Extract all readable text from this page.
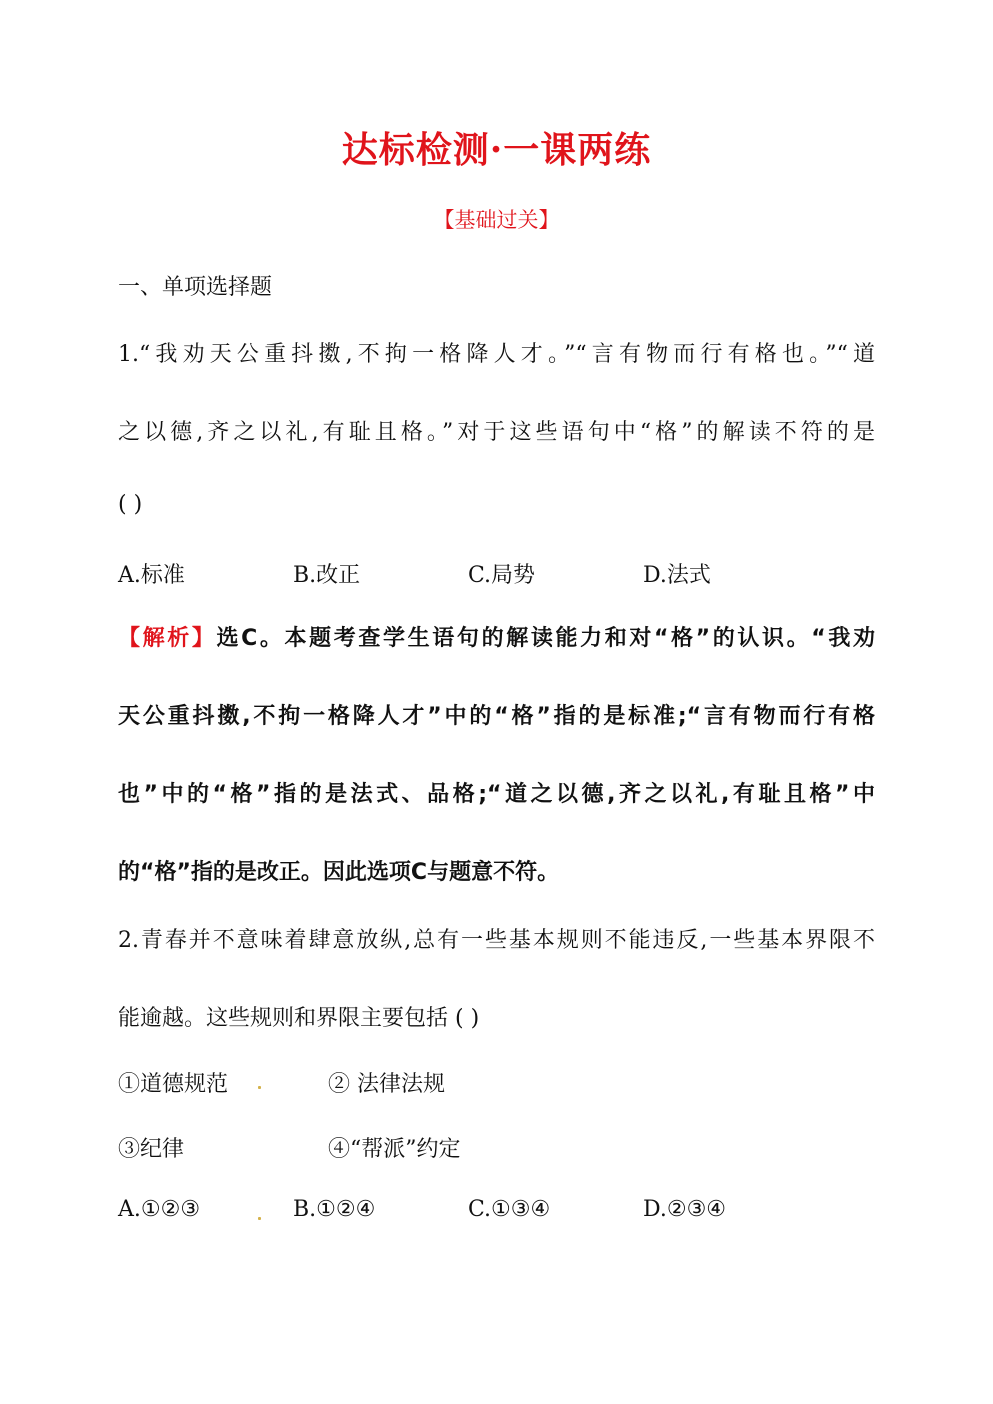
达标检测·一课两练
【基础过关】
一、单项选择题
1.“我劝天公重抖擞,不拘一格降人才。”“言有物而行有格也。”“道
之以德,齐之以礼,有耻且格。”对于这些语句中“格”的解读不符的是
( )
A.标准	B.改正	C.局势	D.法式
【解析】选C。本题考查学生语句的解读能力和对“格”的认识。“我劝
天公重抖擞,不拘一格降人才”中的“格”指的是标准;“言有物而行有格
也”中的“格”指的是法式、品格;“道之以德,齐之以礼,有耻且格”中
的“格”指的是改正。因此选项C与题意不符。
2.青春并不意味着肆意放纵,总有一些基本规则不能违反,一些基本界限不
能逾越。这些规则和界限主要包括 ( )
①道德规范	② 法律法规
③纪律	④“帮派”约定
A.①②③	B.①②④	C.①③④	D.②③④
